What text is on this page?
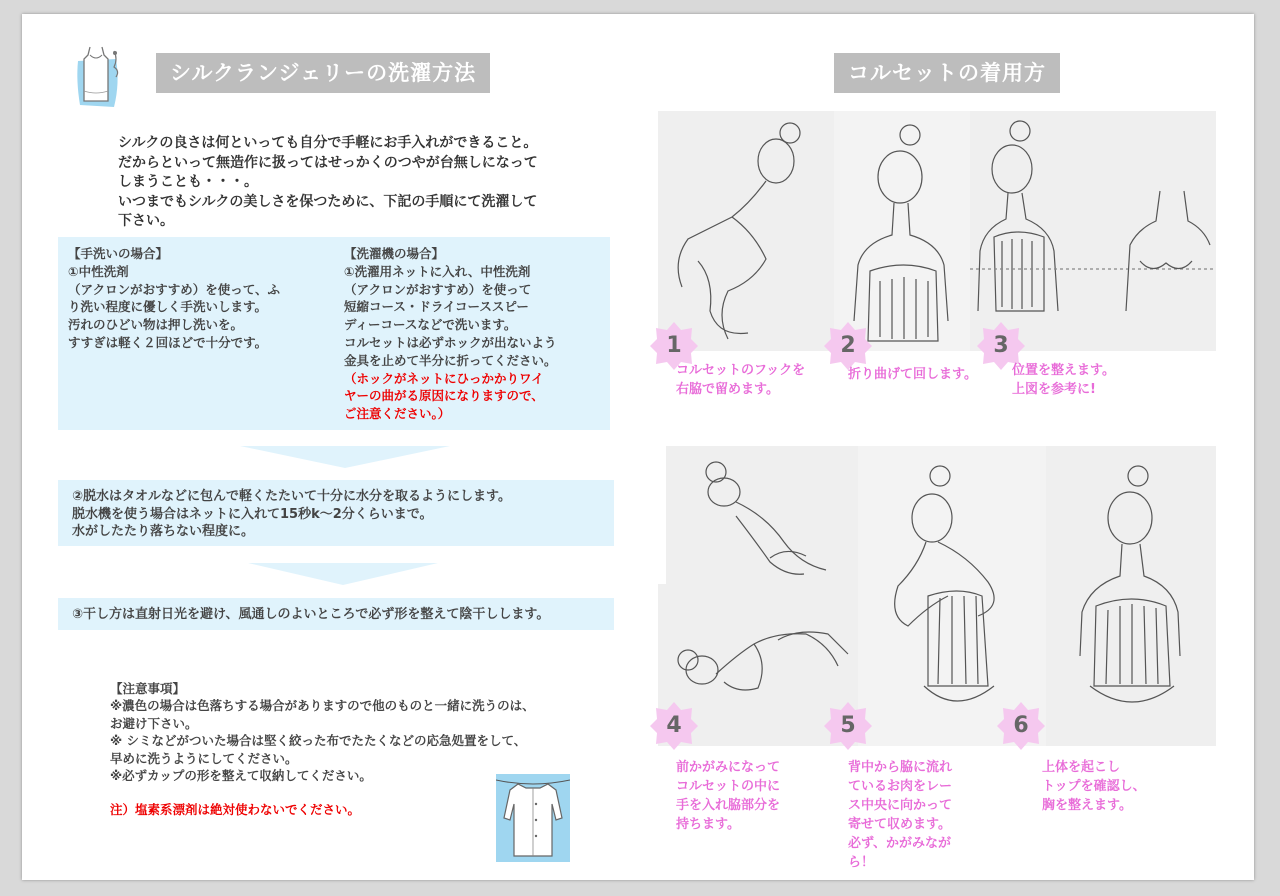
シルクランジェリーの洗濯方法

シルクの良さは何といっても自分で手軽にお手入れができること。

だからといって無造作に扱ってはせっかくのつやが台無しになって

しまうことも・・・。

いつまでもシルクの美しさを保つために、下記の手順にて洗濯して

下さい。

【手洗いの場合】

①中性洗剤

（アクロンがおすすめ）を使って、ふ

り洗い程度に優しく手洗いします。

汚れのひどい物は押し洗いを。

すすぎは軽く２回ほどで十分です。

【洗濯機の場合】

①洗濯用ネットに入れ、中性洗剤

（アクロンがおすすめ）を使って

短縮コース・ドライコーススピー

ディーコースなどで洗います。

コルセットは必ずホックが出ないよう

金具を止めて半分に折ってください。

（ホックがネットにひっかかりワイ

ヤーの曲がる原因になりますので、

ご注意ください。）

②脱水はタオルなどに包んで軽くたたいて十分に水分を取るようにします。

脱水機を使う場合はネットに入れて15秒k～2分くらいまで。

水がしたたり落ちない程度に。

③干し方は直射日光を避け、風通しのよいところで必ず形を整えて陰干しします。

【注意事項】

※濃色の場合は色落ちする場合がありますので他のものと一緒に洗うのは、

お避け下さい。

※ シミなどがついた場合は堅く絞った布でたたくなどの応急処置をして、

早めに洗うようにしてください。

※必ずカップの形を整えて収納してください。

注）塩素系漂剤は絶対使わないでください。
コルセットの着用方
1	2	3

コルセットのフックを

右脇で留めます。

折り曲げて回します。	位置を整えます。

上図を参考に!

4	5	6

前かがみになって

コルセットの中に

手を入れ脇部分を

持ちます。

背中から脇に流れ

ているお肉をレー

ス中央に向かって

寄せて収めます。

必ず、かがみなが

ら！

上体を起こし

トップを確認し、

胸を整えます。
